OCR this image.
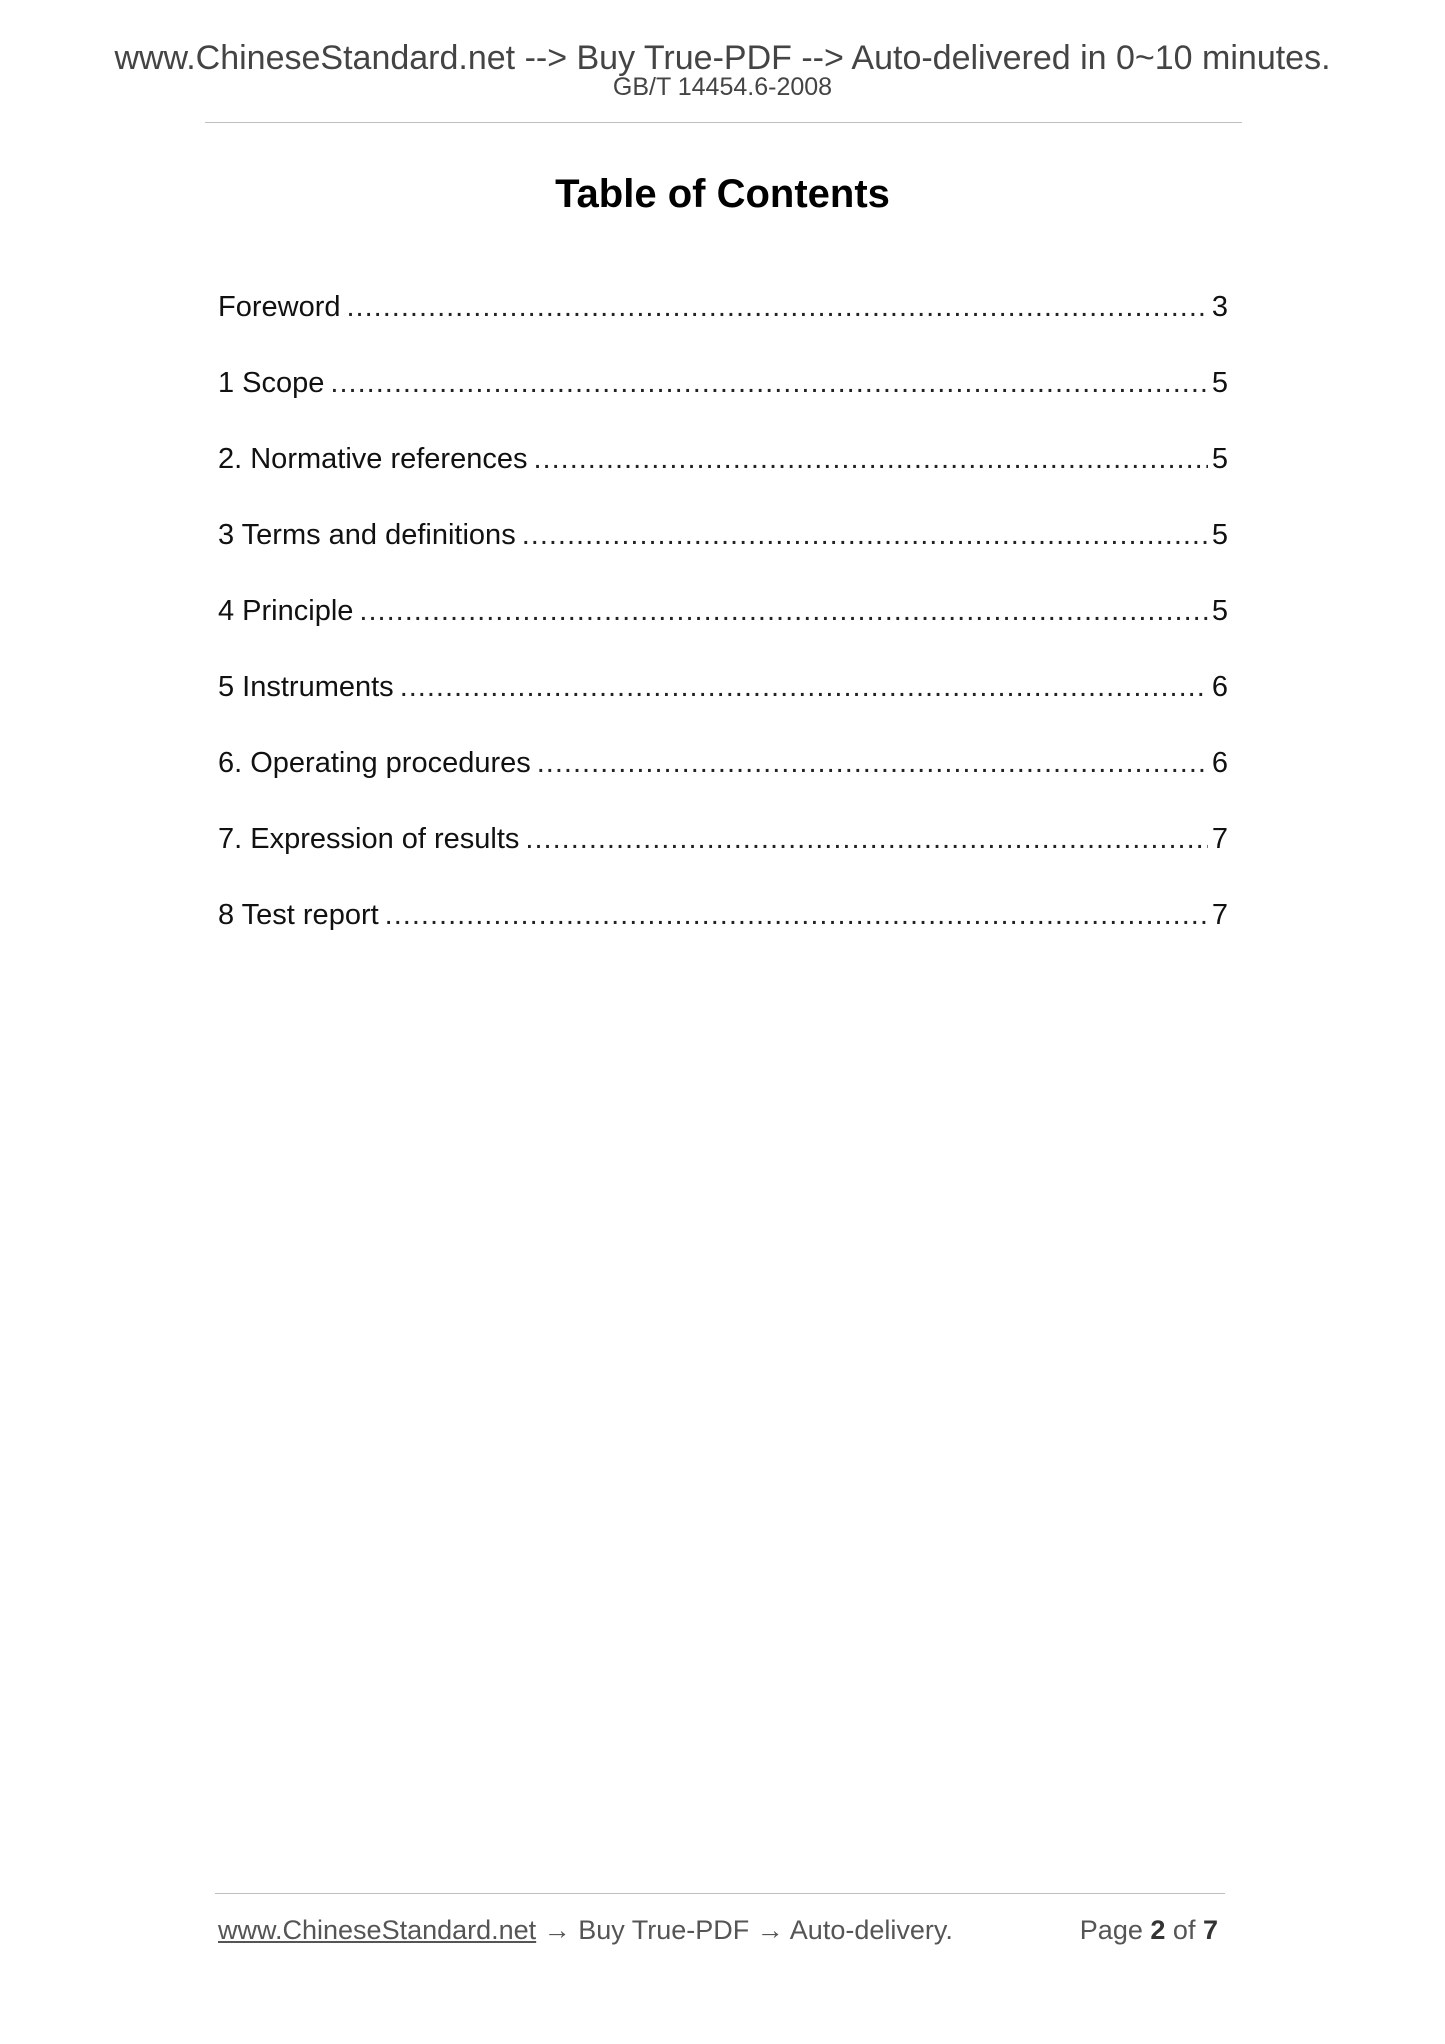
www.ChineseStandard.net --> Buy True-PDF --> Auto-delivered in 0~10 minutes.
GB/T 14454.6-2008
Table of Contents
Foreword .....	3
1 Scope .....	5
2. Normative references .....	5
3 Terms and definitions .....	5
4 Principle .....	5
5 Instruments .....	6
6. Operating procedures .....	6
7. Expression of results .....	7
8 Test report .....	7
www.ChineseStandard.net → Buy True-PDF → Auto-delivery.	Page 2 of 7
